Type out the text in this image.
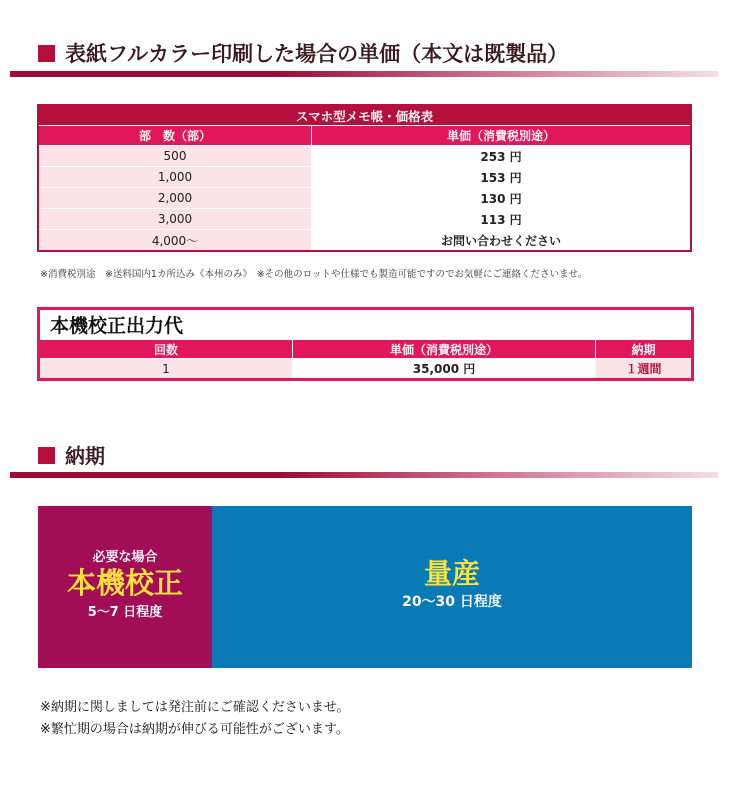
表紙フルカラー印刷した場合の単価（本文は既製品）
スマホ型メモ帳・価格表	
部　数（部）	単価（消費税別途）
500	253 円
1,000	153 円
2,000	130 円
3,000	113 円
4,000〜	お問い合わせください
※消費税別途　※送料国内1カ所込み《本州のみ》　※その他のロットや仕様でも製造可能ですのでお気軽にご連絡くださいませ。
本機校正出力代		
回数	単価（消費税別途）	納期
1	35,000 円	１週間
納期
必要な場合
本機校正
5〜7 日程度
量産
20〜30 日程度
※納期に関しましては発注前にご確認くださいませ。
※繁忙期の場合は納期が伸びる可能性がございます。
